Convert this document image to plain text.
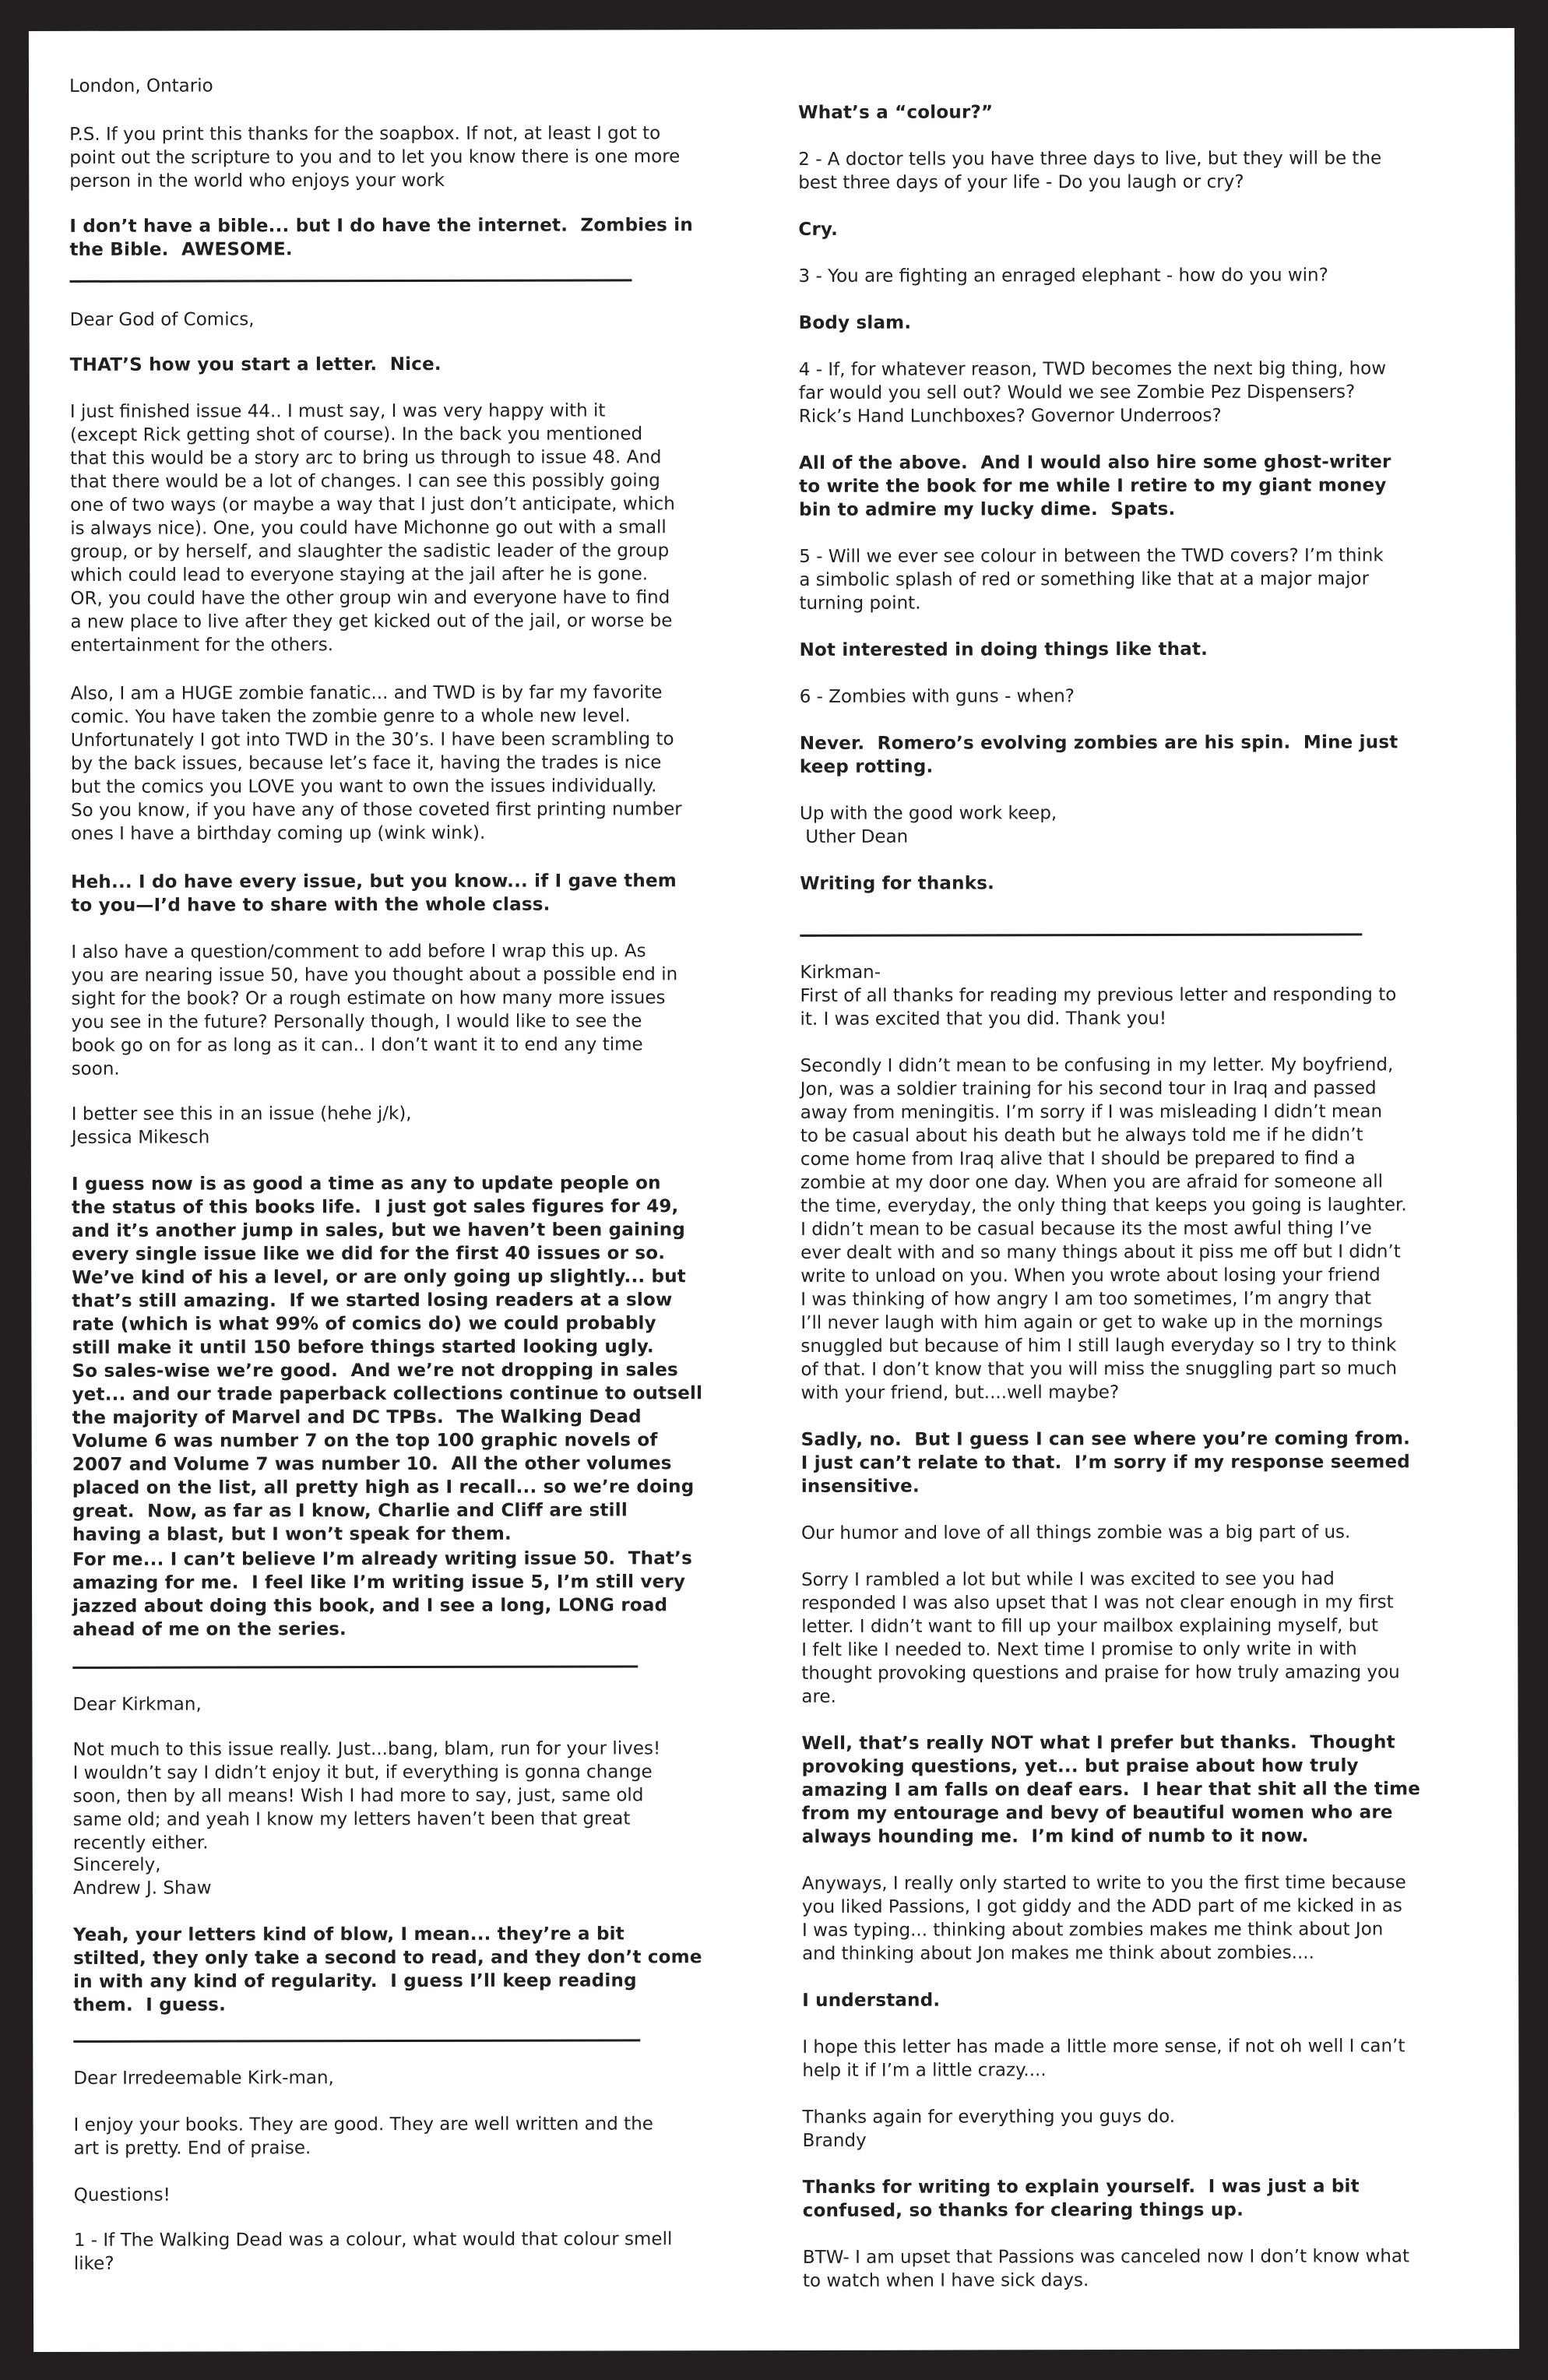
London, Ontario

P.S. If you print this thanks for the soapbox. If not, at least I got to
point out the scripture to you and to let you know there is one more
person in the world who enjoys your work

I don’t have a bible... but I do have the internet.  Zombies in
the Bible.  AWESOME.

Dear God of Comics,

THAT’S how you start a letter.  Nice.

I just finished issue 44.. I must say, I was very happy with it
(except Rick getting shot of course). In the back you mentioned
that this would be a story arc to bring us through to issue 48. And
that there would be a lot of changes. I can see this possibly going
one of two ways (or maybe a way that I just don’t anticipate, which
is always nice). One, you could have Michonne go out with a small
group, or by herself, and slaughter the sadistic leader of the group
which could lead to everyone staying at the jail after he is gone.
OR, you could have the other group win and everyone have to find
a new place to live after they get kicked out of the jail, or worse be
entertainment for the others.

Also, I am a HUGE zombie fanatic... and TWD is by far my favorite
comic. You have taken the zombie genre to a whole new level.
Unfortunately I got into TWD in the 30’s. I have been scrambling to
by the back issues, because let’s face it, having the trades is nice
but the comics you LOVE you want to own the issues individually.
So you know, if you have any of those coveted first printing number
ones I have a birthday coming up (wink wink).

Heh... I do have every issue, but you know... if I gave them
to you—I’d have to share with the whole class.

I also have a question/comment to add before I wrap this up. As
you are nearing issue 50, have you thought about a possible end in
sight for the book? Or a rough estimate on how many more issues
you see in the future? Personally though, I would like to see the
book go on for as long as it can.. I don’t want it to end any time
soon.

I better see this in an issue (hehe j/k),
Jessica Mikesch

I guess now is as good a time as any to update people on
the status of this books life.  I just got sales figures for 49,
and it’s another jump in sales, but we haven’t been gaining
every single issue like we did for the first 40 issues or so.
We’ve kind of his a level, or are only going up slightly... but
that’s still amazing.  If we started losing readers at a slow
rate (which is what 99% of comics do) we could probably
still make it until 150 before things started looking ugly.
So sales-wise we’re good.  And we’re not dropping in sales
yet... and our trade paperback collections continue to outsell
the majority of Marvel and DC TPBs.  The Walking Dead
Volume 6 was number 7 on the top 100 graphic novels of
2007 and Volume 7 was number 10.  All the other volumes
placed on the list, all pretty high as I recall... so we’re doing
great.  Now, as far as I know, Charlie and Cliff are still
having a blast, but I won’t speak for them.

For me... I can’t believe I’m already writing issue 50.  That’s
amazing for me.  I feel like I’m writing issue 5, I’m still very
jazzed about doing this book, and I see a long, LONG road
ahead of me on the series.

Dear Kirkman,

Not much to this issue really. Just...bang, blam, run for your lives!
I wouldn’t say I didn’t enjoy it but, if everything is gonna change
soon, then by all means! Wish I had more to say, just, same old
same old; and yeah I know my letters haven’t been that great
recently either.

Sincerely,
Andrew J. Shaw

Yeah, your letters kind of blow, I mean... they’re a bit
stilted, they only take a second to read, and they don’t come
in with any kind of regularity.  I guess I’ll keep reading
them.  I guess.

Dear Irredeemable Kirk-man,

I enjoy your books. They are good. They are well written and the
art is pretty. End of praise.

Questions!

1 - If The Walking Dead was a colour, what would that colour smell
like?

What’s a “colour?”

2 - A doctor tells you have three days to live, but they will be the
best three days of your life - Do you laugh or cry?

Cry.

3 - You are fighting an enraged elephant - how do you win?

Body slam.

4 - If, for whatever reason, TWD becomes the next big thing, how
far would you sell out? Would we see Zombie Pez Dispensers?
Rick’s Hand Lunchboxes? Governor Underroos?

All of the above.  And I would also hire some ghost-writer
to write the book for me while I retire to my giant money
bin to admire my lucky dime.  Spats.

5 - Will we ever see colour in between the TWD covers? I’m think
a simbolic splash of red or something like that at a major major
turning point.

Not interested in doing things like that.

6 - Zombies with guns - when?

Never.  Romero’s evolving zombies are his spin.  Mine just
keep rotting.

Up with the good work keep,
Uther Dean

Writing for thanks.

Kirkman-
First of all thanks for reading my previous letter and responding to
it. I was excited that you did. Thank you!

Secondly I didn’t mean to be confusing in my letter. My boyfriend,
Jon, was a soldier training for his second tour in Iraq and passed
away from meningitis. I’m sorry if I was misleading I didn’t mean
to be casual about his death but he always told me if he didn’t
come home from Iraq alive that I should be prepared to find a
zombie at my door one day. When you are afraid for someone all
the time, everyday, the only thing that keeps you going is laughter.
I didn’t mean to be casual because its the most awful thing I’ve
ever dealt with and so many things about it piss me off but I didn’t
write to unload on you. When you wrote about losing your friend
I was thinking of how angry I am too sometimes, I’m angry that
I’ll never laugh with him again or get to wake up in the mornings
snuggled but because of him I still laugh everyday so I try to think
of that. I don’t know that you will miss the snuggling part so much
with your friend, but....well maybe?

Sadly, no.  But I guess I can see where you’re coming from.
I just can’t relate to that.  I’m sorry if my response seemed
insensitive.

Our humor and love of all things zombie was a big part of us.

Sorry I rambled a lot but while I was excited to see you had
responded I was also upset that I was not clear enough in my first
letter. I didn’t want to fill up your mailbox explaining myself, but
I felt like I needed to. Next time I promise to only write in with
thought provoking questions and praise for how truly amazing you
are.

Well, that’s really NOT what I prefer but thanks.  Thought
provoking questions, yet... but praise about how truly
amazing I am falls on deaf ears.  I hear that shit all the time
from my entourage and bevy of beautiful women who are
always hounding me.  I’m kind of numb to it now.

Anyways, I really only started to write to you the first time because
you liked Passions, I got giddy and the ADD part of me kicked in as
I was typing... thinking about zombies makes me think about Jon
and thinking about Jon makes me think about zombies....

I understand.

I hope this letter has made a little more sense, if not oh well I can’t
help it if I’m a little crazy....

Thanks again for everything you guys do.
Brandy

Thanks for writing to explain yourself.  I was just a bit
confused, so thanks for clearing things up.

BTW- I am upset that Passions was canceled now I don’t know what
to watch when I have sick days.
